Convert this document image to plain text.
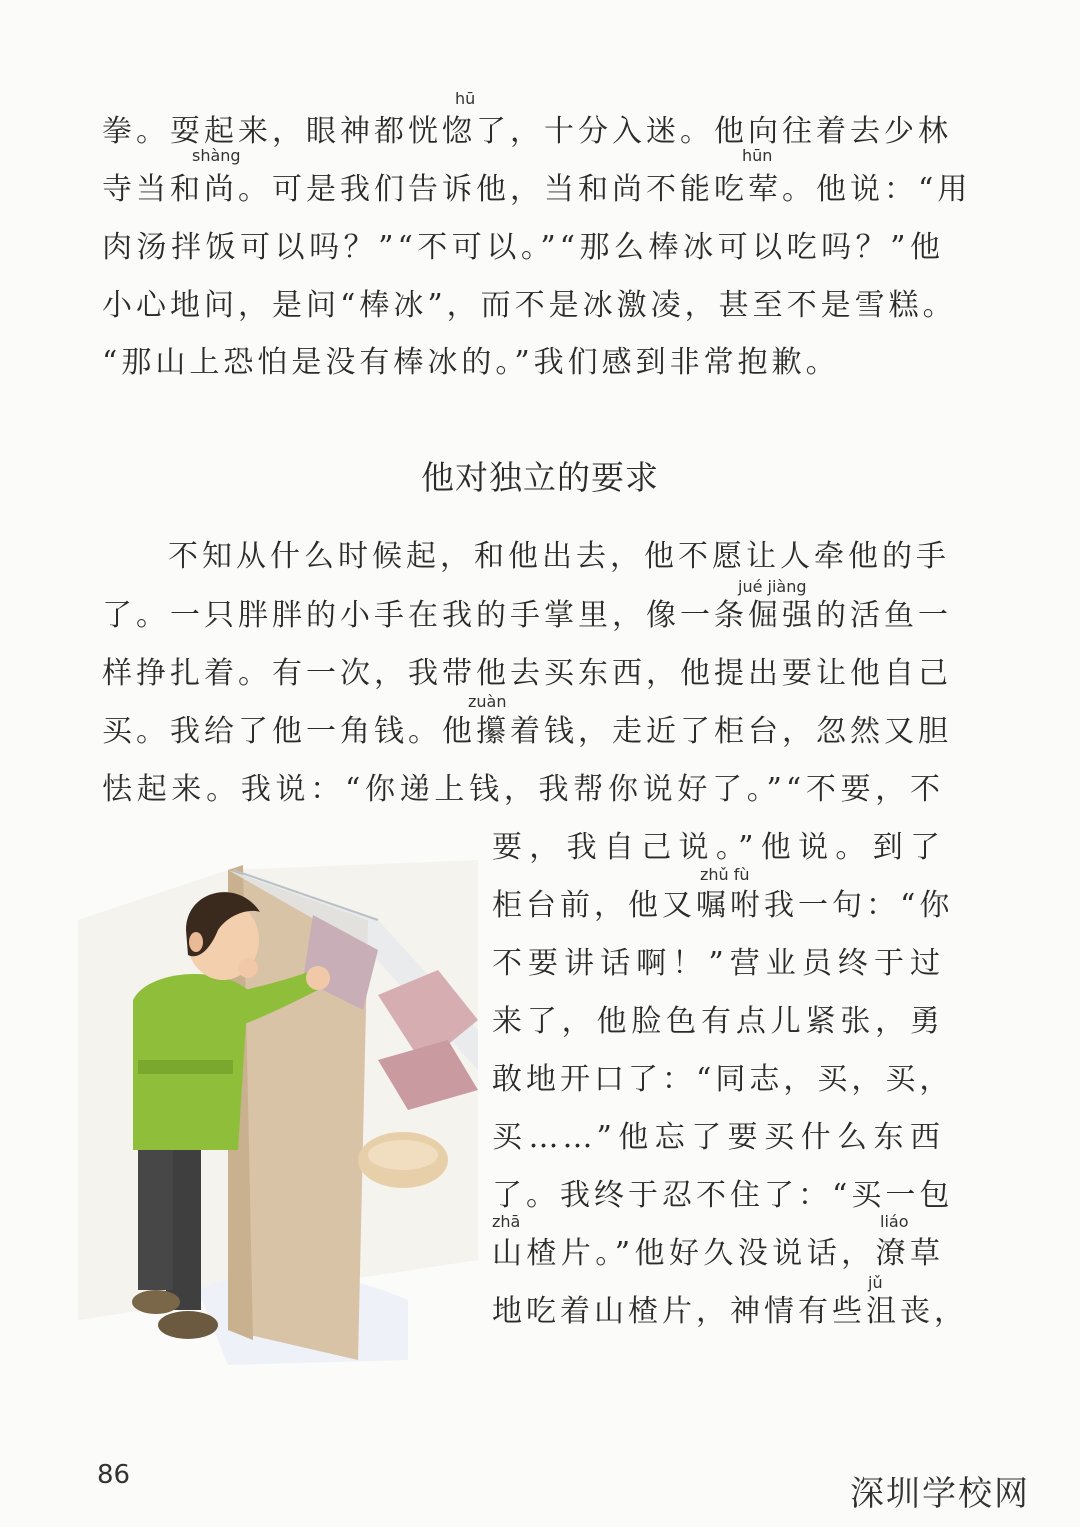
拳。耍起来，眼神都恍惚了，十分入迷。他向往着去少林
寺当和尚。可是我们告诉他，当和尚不能吃荤。他说：“用
肉汤拌饭可以吗？”“不可以。”“那么棒冰可以吃吗？”他
小心地问，是问“棒冰”，而不是冰激凌，甚至不是雪糕。
“那山上恐怕是没有棒冰的。”我们感到非常抱歉。
hū
shàng	hūn
他对独立的要求
不知从什么时候起，和他出去，他不愿让人牵他的手
了。一只胖胖的小手在我的手掌里，像一条倔强的活鱼一
样挣扎着。有一次，我带他去买东西，他提出要让他自己
买。我给了他一角钱。他攥着钱，走近了柜台，忽然又胆
怯起来。我说：“你递上钱，我帮你说好了。”“不要，不
jué jiàng
zuàn
要，我自己说。”他说。到了
柜台前，他又嘱咐我一句：“你
不要讲话啊！”营业员终于过
来了，他脸色有点儿紧张，勇
敢地开口了：“同志，买，买，
买……”他忘了要买什么东西
了。我终于忍不住了：“买一包
山楂片。”他好久没说话，潦草
地吃着山楂片，神情有些沮丧，
zhǔ fù
zhā	liáo
jǔ
86	深圳学校网
